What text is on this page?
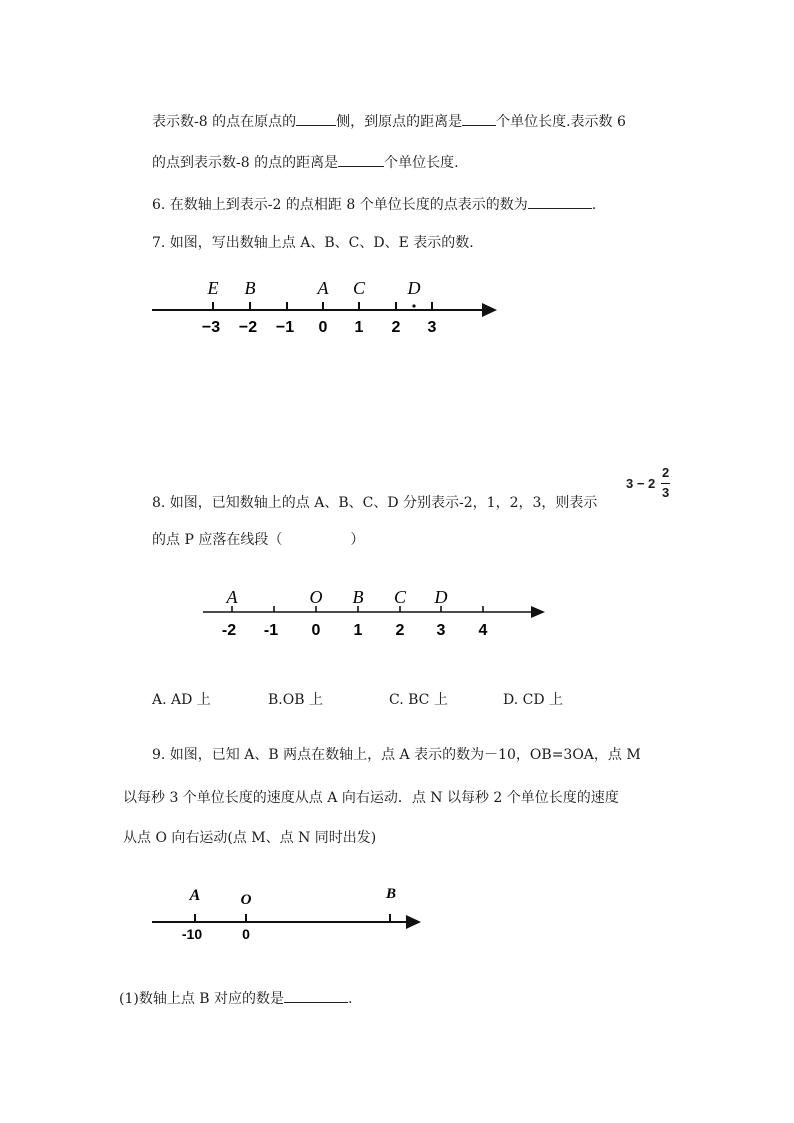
表示数-8 的点在原点的	侧，到原点的距离是 个单位长度.表示数 6
的点到表示数-8 的点的距离是	个单位长度.
6. 在数轴上到表示-2 的点相距 8 个单位长度的点表示的数为	.
7. 如图，写出数轴上点 A、B、C、D、E 表示的数.
E B	A C D
−3 −2 −1 0 1 2 3
8. 如图，已知数轴上的点 A、B、C、D 分别表示-2，1，2，3，则表示
3 − 2
2
3
的点 P 应落在线段（	）
A	O B C D
-2 -1 0 1 2 3 4
A. AD 上	B.OB 上	C. BC 上	D. CD 上
9. 如图，已知 A、B 两点在数轴上，点 A 表示的数为－10，OB=3OA，点 M
以每秒 3 个单位长度的速度从点 A 向右运动．点 N 以每秒 2 个单位长度的速度
从点 O 向右运动(点 M、点 N 同时出发)
A	O	B
-10	0
(1)数轴上点 B 对应的数是	.
